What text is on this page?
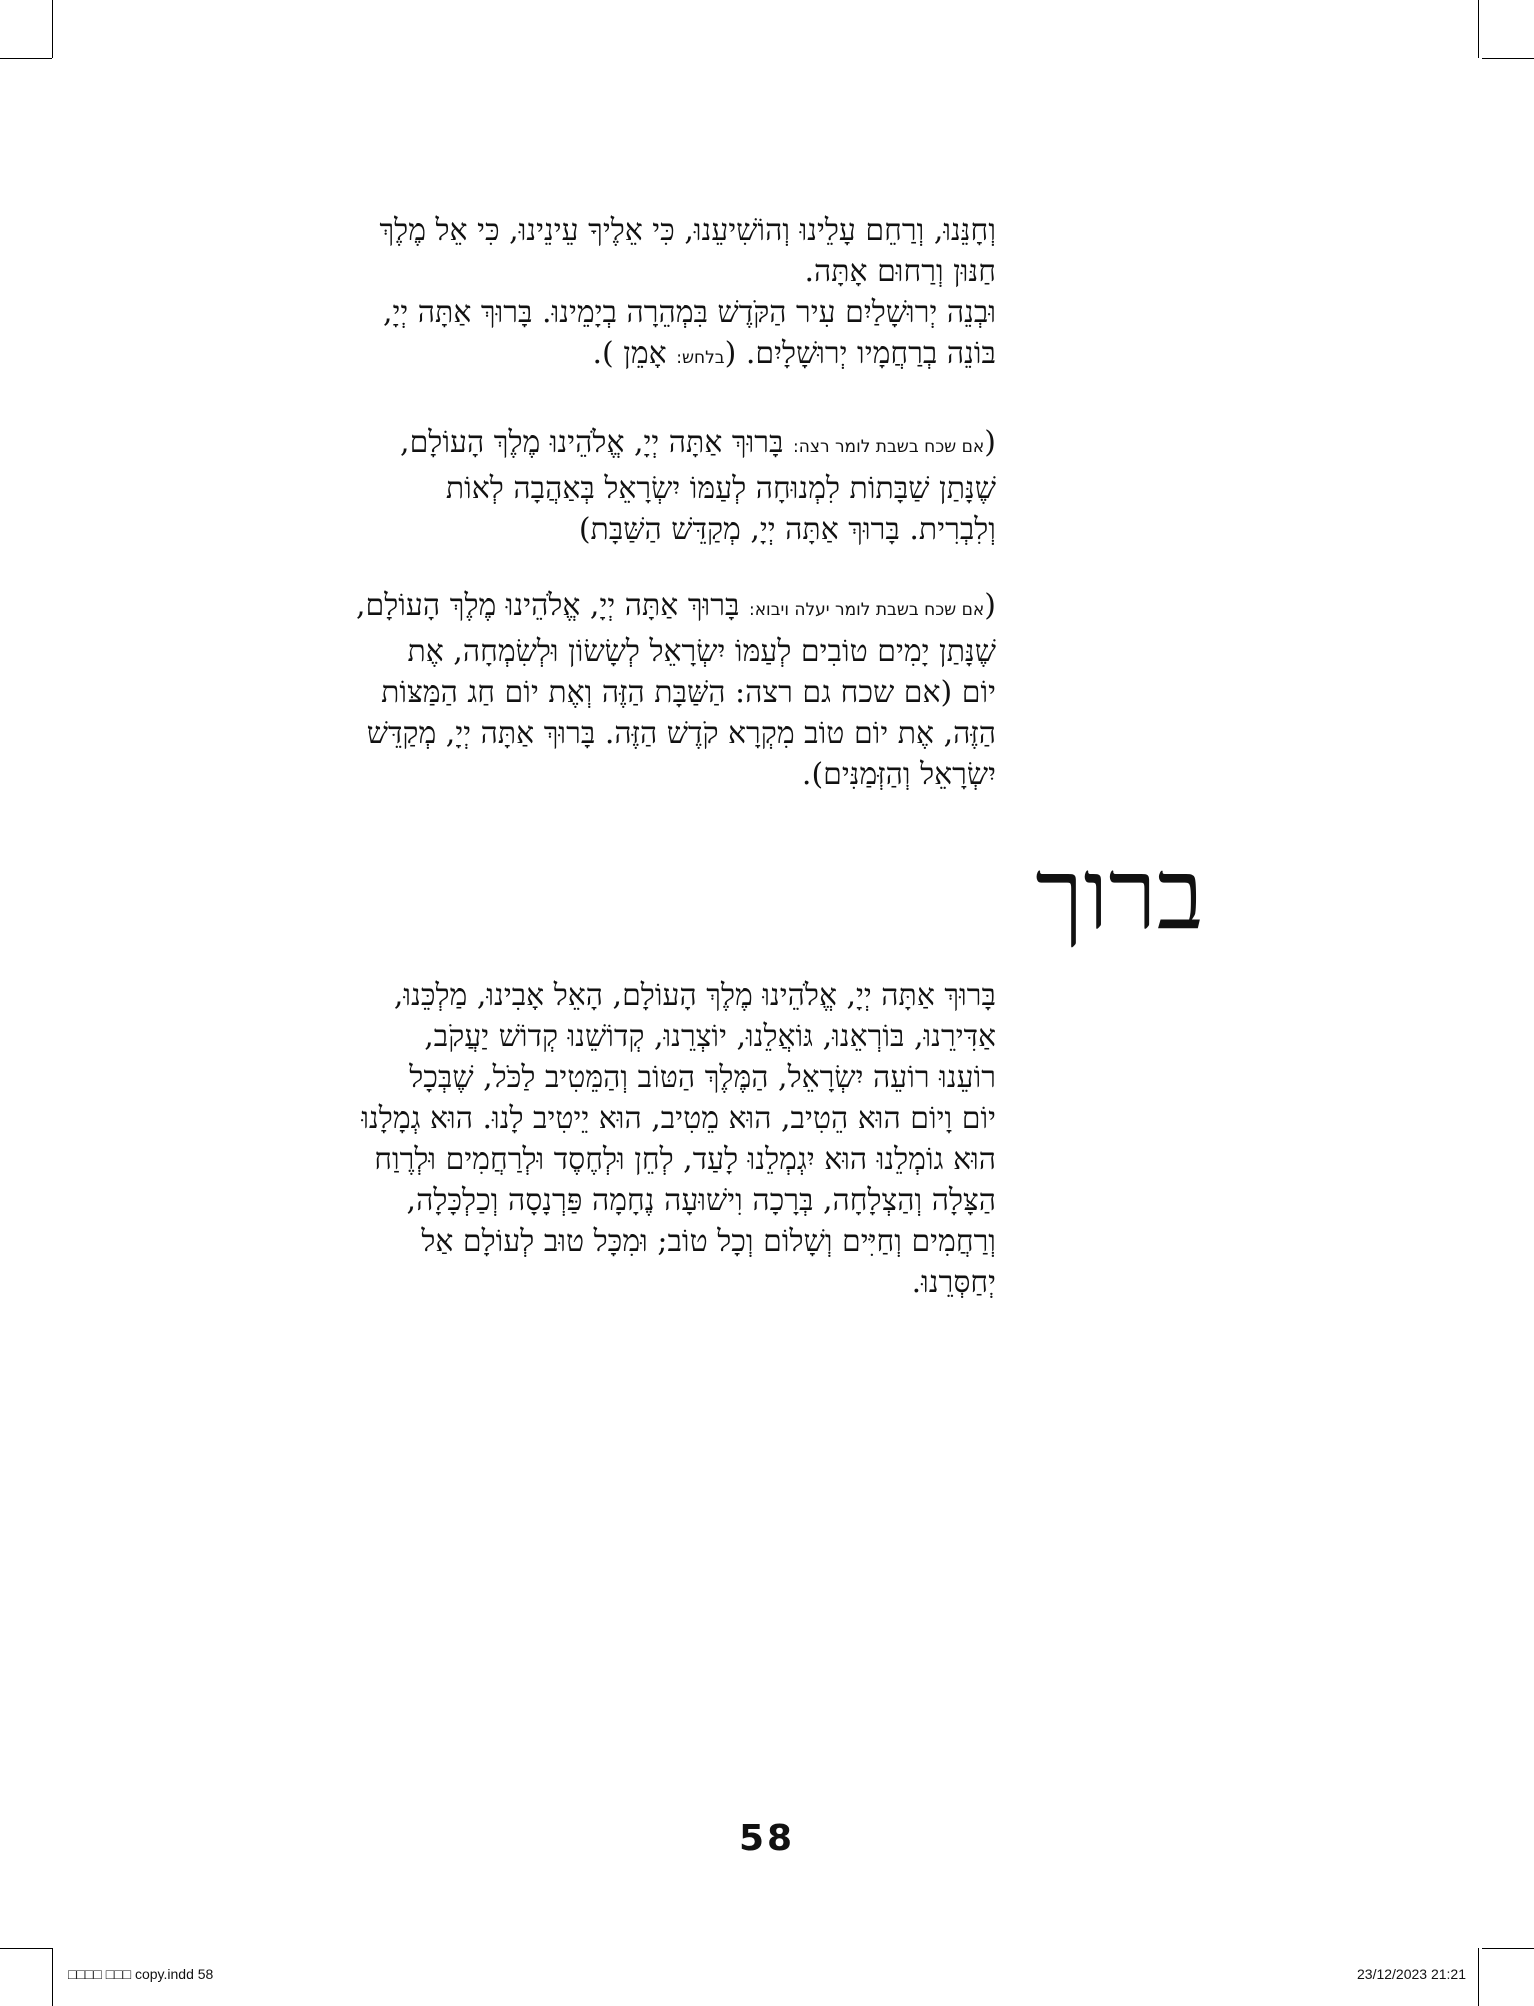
וְחָנֵּנוּ, וְרַחֵם עָלֵינוּ וְהוֹשִׁיעֵנוּ, כִּי אֵלֶיךָ עֵינֵינוּ, כִּי אֵל מֶלֶךְ

חַנּוּן וְרַחוּם אָתָּה.

וּבְנֵה יְרוּשָׁלַיִם עִיר הַקֹּדֶשׁ בִּמְהֵרָה בְיָמֵינוּ. בָּרוּךְ אַתָּה יְיָ,

בּוֹנֵה בְרַחֲמָיו יְרוּשָׁלָיִם. (בלחש: אָמֵן ).

(אם שכח בשבת לומר רצה: בָּרוּךְ אַתָּה יְיָ, אֱלֹהֵינוּ מֶלֶךְ הָעוֹלָם,

שֶׁנָּתַן שַׁבָּתוֹת לִמְנוּחָה לְעַמּוֹ יִשְׂרָאֵל בְּאַהֲבָה לְאוֹת

וְלִבְרִית. בָּרוּךְ אַתָּה יְיָ, מְקַדֵּשׁ הַשַּׁבָּת)

(אם שכח בשבת לומר יעלה ויבוא: בָּרוּךְ אַתָּה יְיָ, אֱלֹהֵינוּ מֶלֶךְ הָעוֹלָם,

שֶׁנָּתַן יָמִים טוֹבִים לְעַמּוֹ יִשְׂרָאֵל לְשָׂשׂוֹן וּלְשִׂמְחָה, אֶת

יוֹם (אם שכח גם רצה: הַשַּׁבָּת הַזֶּה וְאֶת יוֹם חַג הַמַּצּוֹת

הַזֶּה, אֶת יוֹם טוֹב מִקְרָא קֹדֶשׁ הַזֶּה. בָּרוּךְ אַתָּה יְיָ, מְקַדֵּשׁ

יִשְׂרָאֵל וְהַזְּמַנִּים).

ברוך

בָּרוּךְ אַתָּה יְיָ, אֱלֹהֵינוּ מֶלֶךְ הָעוֹלָם, הָאֵל אָבִינוּ, מַלְכֵּנוּ,

אַדִּירֵנוּ, בּוֹרְאֵנוּ, גּוֹאֲלֵנוּ, יוֹצְרֵנוּ, קְדוֹשֵׁנוּ קְדוֹשׁ יַעֲקֹב,

רוֹעֵנוּ רוֹעֵה יִשְׂרָאֵל, הַמֶּלֶךְ הַטּוֹב וְהַמֵּטִיב לַכֹּל, שֶׁבְּכָל

יוֹם וָיוֹם הוּא הֵטִיב, הוּא מֵטִיב, הוּא יֵיטִיב לָנוּ. הוּא גְמָלָנוּ

הוּא גוֹמְלֵנוּ הוּא יִגְמְלֵנוּ לָעַד, לְחֵן וּלְחֶסֶד וּלְרַחֲמִים וּלְרֶוַח

הַצָּלָה וְהַצְלָחָה, בְּרָכָה וִישׁוּעָה נֶחָמָה פַּרְנָסָה וְכַלְכָּלָה,

וְרַחֲמִים וְחַיִּים וְשָׁלוֹם וְכָל טוֹב; וּמִכָּל טוּב לְעוֹלָם אַל

יְחַסְּרֵנוּ.

58
□□□□ □□□ copy.indd 58	23/12/2023 21:21
